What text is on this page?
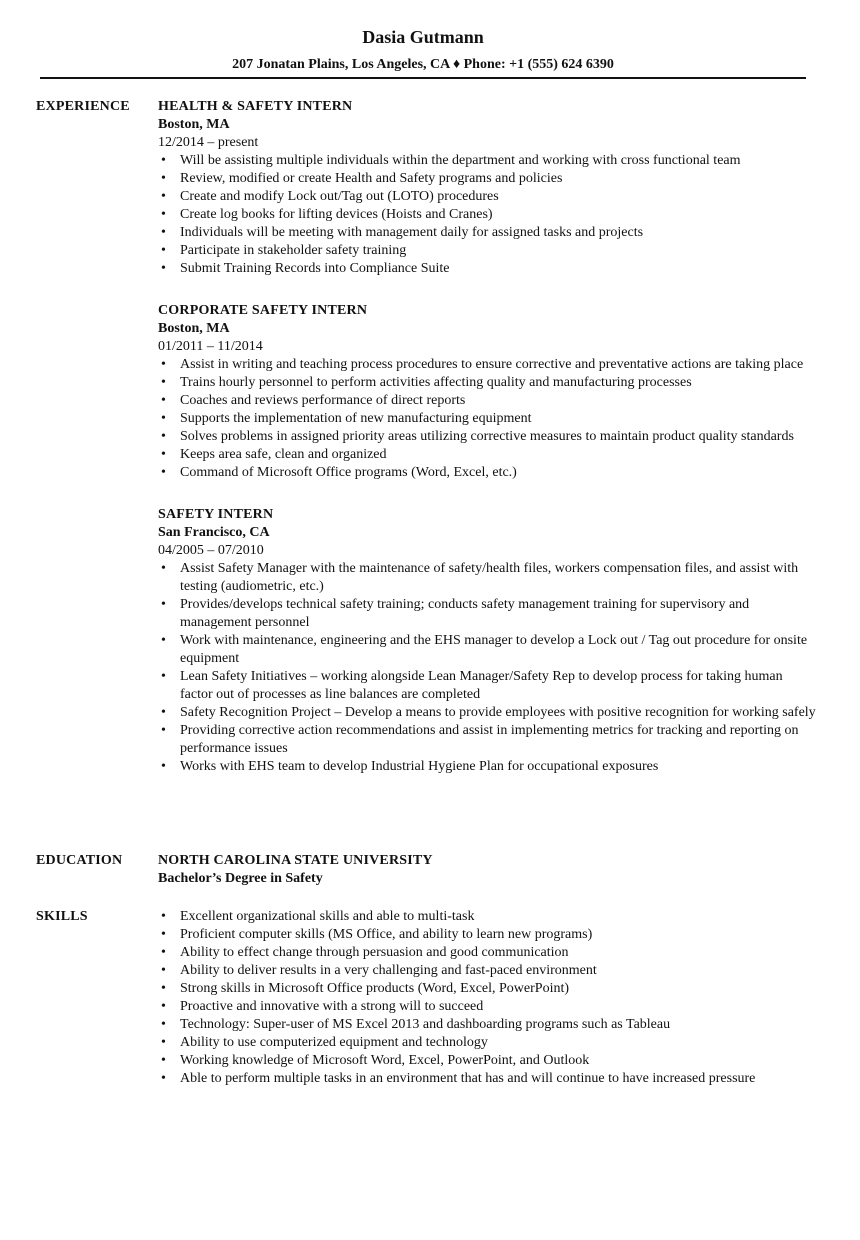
Dasia Gutmann
207 Jonatan Plains, Los Angeles, CA ♦ Phone: +1 (555) 624 6390
EXPERIENCE	HEALTH & SAFETY INTERN
Boston, MA
12/2014 – present
• Will be assisting multiple individuals within the department and working with cross functional team
• Review, modified or create Health and Safety programs and policies
• Create and modify Lock out/Tag out (LOTO) procedures
• Create log books for lifting devices (Hoists and Cranes)
• Individuals will be meeting with management daily for assigned tasks and projects
• Participate in stakeholder safety training
• Submit Training Records into Compliance Suite
CORPORATE SAFETY INTERN
Boston, MA
01/2011 – 11/2014
• Assist in writing and teaching process procedures to ensure corrective and preventative actions are taking place
• Trains hourly personnel to perform activities affecting quality and manufacturing processes
• Coaches and reviews performance of direct reports
• Supports the implementation of new manufacturing equipment
• Solves problems in assigned priority areas utilizing corrective measures to maintain product quality standards
• Keeps area safe, clean and organized
• Command of Microsoft Office programs (Word, Excel, etc.)
SAFETY INTERN
San Francisco, CA
04/2005 – 07/2010
• Assist Safety Manager with the maintenance of safety/health files, workers compensation files, and assist with testing (audiometric, etc.)
• Provides/develops technical safety training; conducts safety management training for supervisory and management personnel
• Work with maintenance, engineering and the EHS manager to develop a Lock out / Tag out procedure for onsite equipment
• Lean Safety Initiatives – working alongside Lean Manager/Safety Rep to develop process for taking human factor out of processes as line balances are completed
• Safety Recognition Project – Develop a means to provide employees with positive recognition for working safely
• Providing corrective action recommendations and assist in implementing metrics for tracking and reporting on performance issues
• Works with EHS team to develop Industrial Hygiene Plan for occupational exposures
EDUCATION	NORTH CAROLINA STATE UNIVERSITY
Bachelor’s Degree in Safety
SKILLS
•	Excellent organizational skills and able to multi-task
• Proficient computer skills (MS Office, and ability to learn new programs)
• Ability to effect change through persuasion and good communication
• Ability to deliver results in a very challenging and fast-paced environment
• Strong skills in Microsoft Office products (Word, Excel, PowerPoint)
• Proactive and innovative with a strong will to succeed
• Technology: Super-user of MS Excel 2013 and dashboarding programs such as Tableau
• Ability to use computerized equipment and technology
• Working knowledge of Microsoft Word, Excel, PowerPoint, and Outlook
• Able to perform multiple tasks in an environment that has and will continue to have increased pressure
